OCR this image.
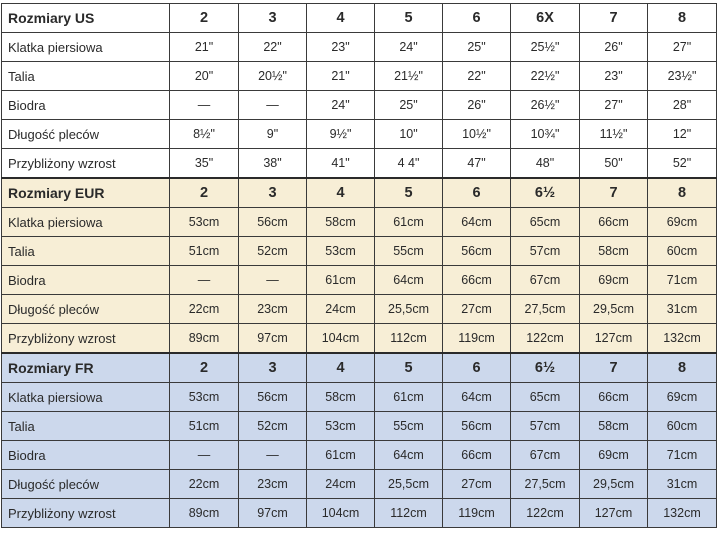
Rozmiary US	2	3	4	5	6	6X	7	8
Klatka piersiowa	21"	22"	23"	24"	25"	25½"	26"	27"
Talia	20"	20½"	21"	21½"	22"	22½"	23"	23½"
Biodra	—	—	24"	25"	26"	26½"	27"	28"
Długość pleców	8½"	9"	9½"	10"	10½"	10¾"	11½"	12"
Przybliżony wzrost	35"	38"	41"	4 4"	47"	48"	50"	52"
Rozmiary EUR	2	3	4	5	6	6½	7	8
Klatka piersiowa	53cm	56cm	58cm	61cm	64cm	65cm	66cm	69cm
Talia	51cm	52cm	53cm	55cm	56cm	57cm	58cm	60cm
Biodra	—	—	61cm	64cm	66cm	67cm	69cm	71cm
Długość pleców	22cm	23cm	24cm	25,5cm	27cm	27,5cm	29,5cm	31cm
Przybliżony wzrost	89cm	97cm	104cm	112cm	119cm	122cm	127cm	132cm
Rozmiary FR	2	3	4	5	6	6½	7	8
Klatka piersiowa	53cm	56cm	58cm	61cm	64cm	65cm	66cm	69cm
Talia	51cm	52cm	53cm	55cm	56cm	57cm	58cm	60cm
Biodra	—	—	61cm	64cm	66cm	67cm	69cm	71cm
Długość pleców	22cm	23cm	24cm	25,5cm	27cm	27,5cm	29,5cm	31cm
Przybliżony wzrost	89cm	97cm	104cm	112cm	119cm	122cm	127cm	132cm
